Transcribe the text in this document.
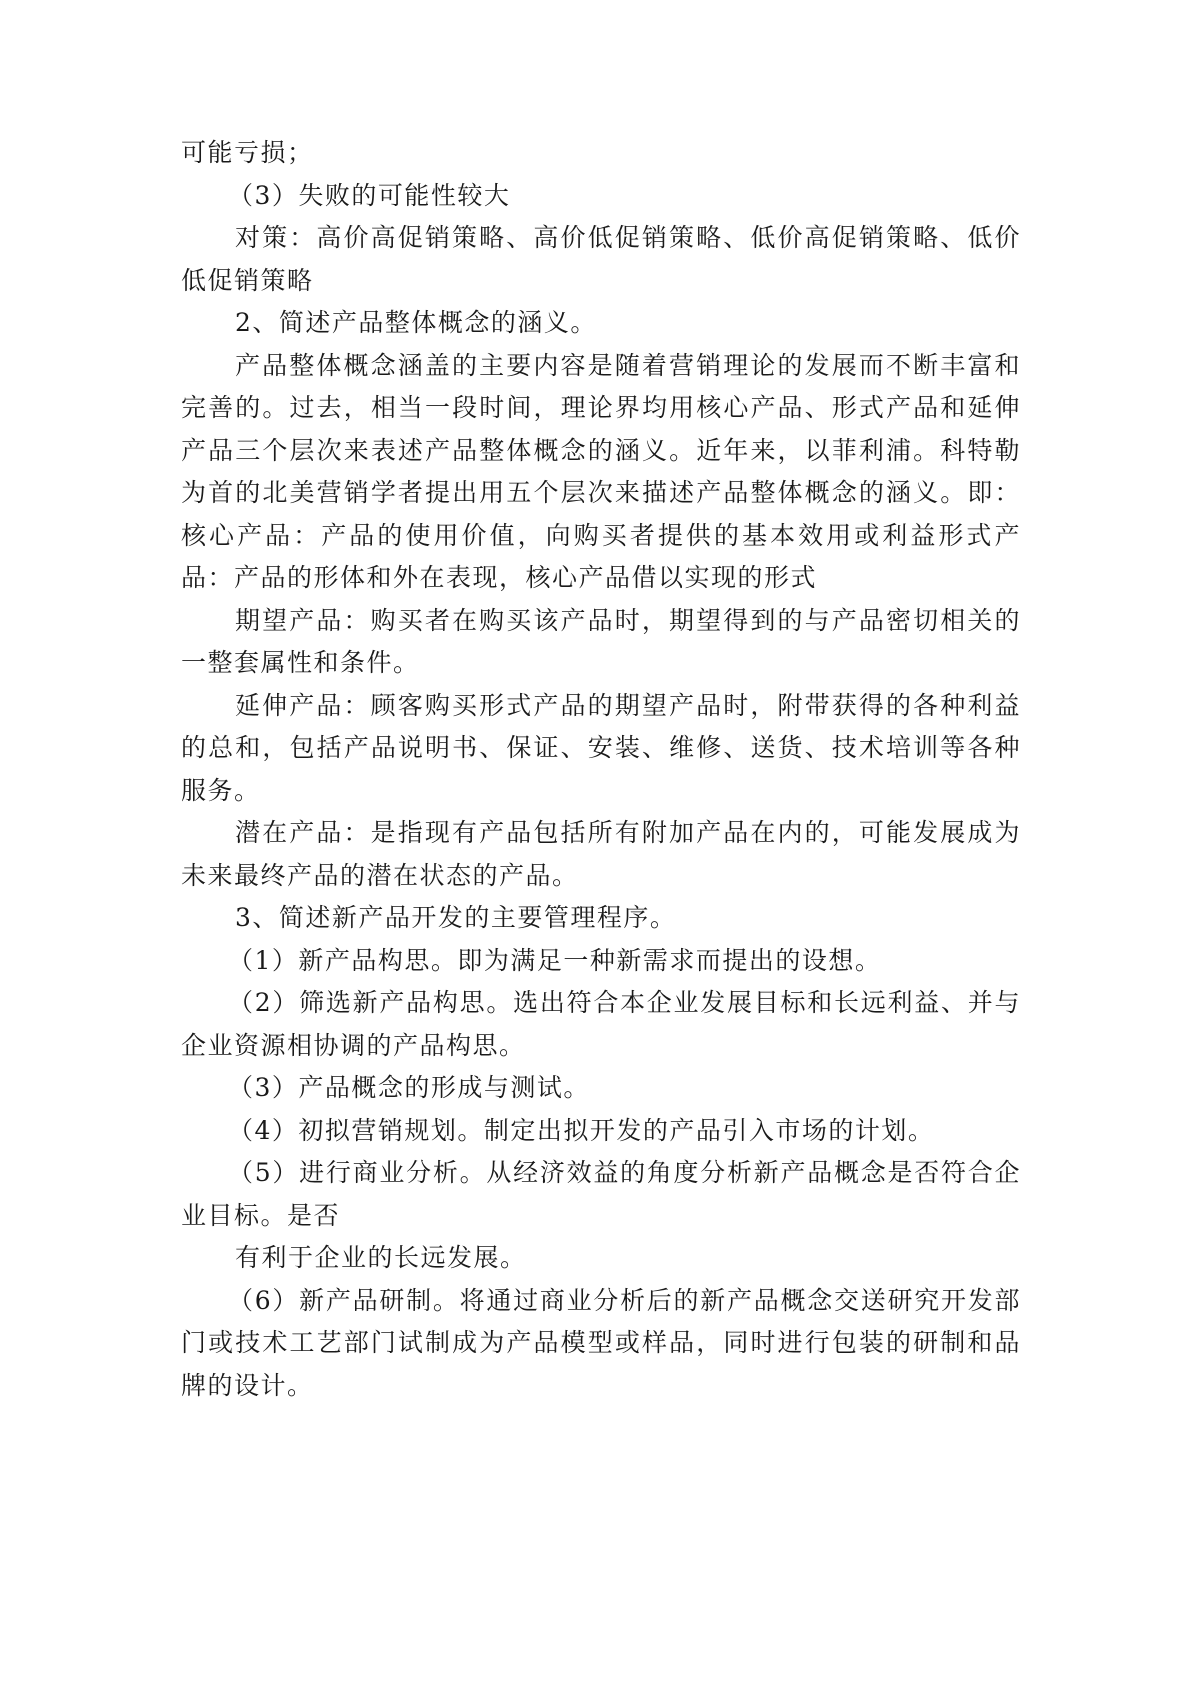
可能亏损；

（3）失败的可能性较大

对策：高价高促销策略、高价低促销策略、低价高促销策略、低价低促销策略

2、简述产品整体概念的涵义。

产品整体概念涵盖的主要内容是随着营销理论的发展而不断丰富和完善的。过去，相当一段时间，理论界均用核心产品、形式产品和延伸产品三个层次来表述产品整体概念的涵义。近年来，以菲利浦。科特勒为首的北美营销学者提出用五个层次来描述产品整体概念的涵义。即：核心产品：产品的使用价值，向购买者提供的基本效用或利益形式产品：产品的形体和外在表现，核心产品借以实现的形式

期望产品：购买者在购买该产品时，期望得到的与产品密切相关的一整套属性和条件。

延伸产品：顾客购买形式产品的期望产品时，附带获得的各种利益的总和，包括产品说明书、保证、安装、维修、送货、技术培训等各种服务。

潜在产品：是指现有产品包括所有附加产品在内的，可能发展成为未来最终产品的潜在状态的产品。

3、简述新产品开发的主要管理程序。

（1）新产品构思。即为满足一种新需求而提出的设想。

（2）筛选新产品构思。选出符合本企业发展目标和长远利益、并与企业资源相协调的产品构思。

（3）产品概念的形成与测试。

（4）初拟营销规划。制定出拟开发的产品引入市场的计划。

（5）进行商业分析。从经济效益的角度分析新产品概念是否符合企业目标。是否

有利于企业的长远发展。

（6）新产品研制。将通过商业分析后的新产品概念交送研究开发部门或技术工艺部门试制成为产品模型或样品，同时进行包装的研制和品牌的设计。
